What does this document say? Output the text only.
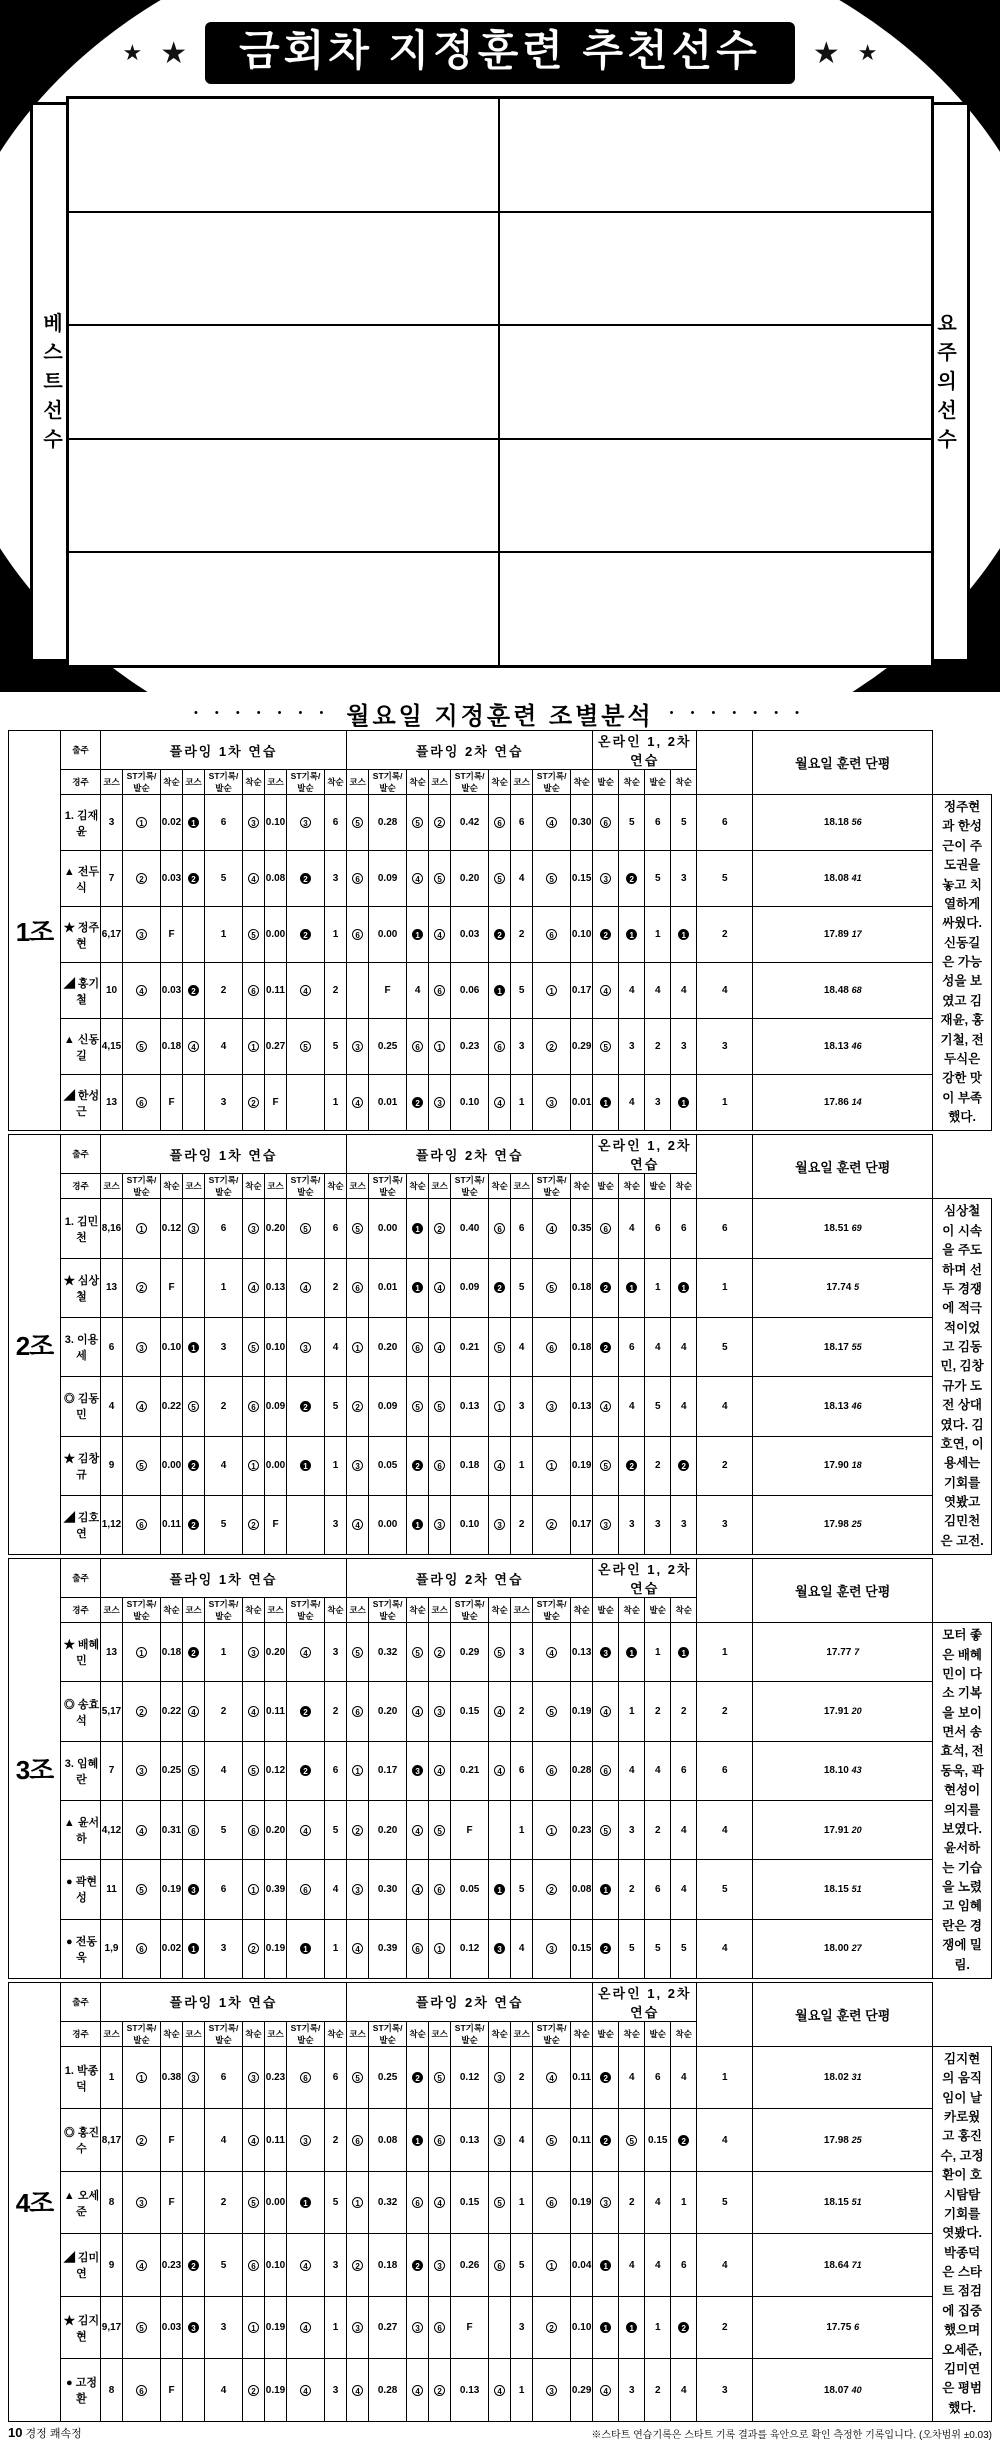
★ ★	금회차 지정훈련 추천선수	★ ★
베
스
트
선
수
요
주
의
선
수
• • • • • • • 월요일 지정훈련 조별분석	• • • • • • •
1조	출주	플라잉 1차 연습									플라잉 2차 연습									온라인 1, 2차 연습					월요일 훈련 단평	
	경주	코스	ST기록/발순	착순	코스	ST기록/발순	착순	코스	ST기록/발순	착순	코스	ST기록/발순	착순	코스	ST기록/발순	착순	코스	ST기록/발순	착순	발순	착순	발순	착순			
	1. 김재윤	3	1	0.02	1	6	3	0.10	3	6	5	0.28	5	2	0.42	6	6	4	0.30	6	5	6	5	6	18.18 56	정주현과 한성근이 주도권을 놓고 치열하게 싸웠다. 신동길은 가능성을 보였고 김재윤, 홍기철, 전두식은 강한 맛이 부족했다.
	▲ 전두식	7	2	0.03	2	5	4	0.08	2	3	6	0.09	4	5	0.20	5	4	5	0.15	3	2	5	3	5	18.08 41	
	★ 정주현	6,17	3	F		1	5	0.00	2	1	6	0.00	1	4	0.03	2	2	6	0.10	2	1	1	1	2	17.89 17	
	◢ 홍기철	10	4	0.03	2	2	6	0.11	4	2		F	4	6	0.06	1	5	1	0.17	4	4	4	4	4	18.48 68	
	▲ 신동길	4,15	5	0.18	4	4	1	0.27	5	5	3	0.25	6	1	0.23	6	3	2	0.29	5	3	2	3	3	18.13 46	
	◢ 한성근	13	6	F		3	2	F		1	4	0.01	2	3	0.10	4	1	3	0.01	1	4	3	1	1	17.86 14	
2조	출주	플라잉 1차 연습									플라잉 2차 연습									온라인 1, 2차 연습					월요일 훈련 단평	
	경주	코스	ST기록/발순	착순	코스	ST기록/발순	착순	코스	ST기록/발순	착순	코스	ST기록/발순	착순	코스	ST기록/발순	착순	코스	ST기록/발순	착순	발순	착순	발순	착순			
	1. 김민천	8,16	1	0.12	3	6	3	0.20	5	6	5	0.00	1	2	0.40	6	6	4	0.35	6	4	6	6	6	18.51 69	심상철이 시속을 주도하며 선두 경쟁에 적극적이었고 김동민, 김창규가 도전 상대였다. 김호연, 이용세는 기회를 엿봤고 김민천은 고전.
	★ 심상철	13	2	F		1	4	0.13	4	2	6	0.01	1	4	0.09	2	5	5	0.18	2	1	1	1	1	17.74 5	
	3. 이용세	6	3	0.10	1	3	5	0.10	3	4	1	0.20	6	4	0.21	5	4	6	0.18	2	6	4	4	5	18.17 55	
	◎ 김동민	4	4	0.22	5	2	6	0.09	2	5	2	0.09	5	5	0.13	1	3	3	0.13	4	4	5	4	4	18.13 46	
	★ 김창규	9	5	0.00	2	4	1	0.00	1	1	3	0.05	2	6	0.18	4	1	1	0.19	5	2	2	2	2	17.90 18	
	◢ 김호연	1,12	6	0.11	2	5	2	F		3	4	0.00	1	3	0.10	3	2	2	0.17	3	3	3	3	3	17.98 25	
3조	출주	플라잉 1차 연습									플라잉 2차 연습									온라인 1, 2차 연습					월요일 훈련 단평	
	경주	코스	ST기록/발순	착순	코스	ST기록/발순	착순	코스	ST기록/발순	착순	코스	ST기록/발순	착순	코스	ST기록/발순	착순	코스	ST기록/발순	착순	발순	착순	발순	착순			
	★ 배혜민	13	1	0.18	2	1	3	0.20	4	3	5	0.32	5	2	0.29	5	3	4	0.13	3	1	1	1	1	17.77 7	모터 좋은 배혜민이 다소 기복을 보이면서 송효석, 전동욱, 곽현성이 의지를 보였다. 윤서하는 기습을 노렸고 임혜란은 경쟁에 밀림.
	◎ 송효석	5,17	2	0.22	4	2	4	0.11	2	2	6	0.20	4	3	0.15	4	2	5	0.19	4	1	2	2	2	17.91 20	
	3. 임혜란	7	3	0.25	5	4	5	0.12	2	6	1	0.17	3	4	0.21	4	6	6	0.28	6	4	4	6	6	18.10 43	
	▲ 윤서하	4,12	4	0.31	6	5	6	0.20	4	5	2	0.20	4	5	F		1	1	0.23	5	3	2	4	4	17.91 20	
	● 곽현성	11	5	0.19	3	6	1	0.39	6	4	3	0.30	4	6	0.05	1	5	2	0.08	1	2	6	4	5	18.15 51	
	● 전동욱	1,9	6	0.02	1	3	2	0.19	1	1	4	0.39	6	1	0.12	3	4	3	0.15	2	5	5	5	4	18.00 27	
4조	출주	플라잉 1차 연습									플라잉 2차 연습									온라인 1, 2차 연습					월요일 훈련 단평	
	경주	코스	ST기록/발순	착순	코스	ST기록/발순	착순	코스	ST기록/발순	착순	코스	ST기록/발순	착순	코스	ST기록/발순	착순	코스	ST기록/발순	착순	발순	착순	발순	착순			
	1. 박종덕	1	1	0.38	3	6	3	0.23	6	6	5	0.25	2	5	0.12	3	2	4	0.11	2	4	6	4	1	18.02 31	김지현의 움직임이 날카로웠고 홍진수, 고정환이 호시탐탐 기회를 엿봤다. 박종덕은 스타트 점검에 집중했으며 오세준, 김미연은 평범했다.
	◎ 홍진수	8,17	2	F		4	4	0.11	3	2	6	0.08	1	6	0.13	3	4	5	0.11	2	5	0.15	2	4	17.98 25	
	▲ 오세준	8	3	F		2	5	0.00	1	5	1	0.32	6	4	0.15	5	1	6	0.19	3	2	4	1	5	18.15 51	
	◢ 김미연	9	4	0.23	2	5	6	0.10	4	3	2	0.18	2	3	0.26	6	5	1	0.04	1	4	4	6	4	18.64 71	
	★ 김지현	9,17	5	0.03	3	3	1	0.19	4	1	3	0.27	3	6	F		3	2	0.10	1	1	1	2	2	17.75 6	
	● 고정환	8	6	F		4	2	0.19	4	3	4	0.28	4	2	0.13	4	1	3	0.29	4	3	2	4	3	18.07 40	
10 경정 쾌속정	※스타트 연습기록은 스타트 기록 결과를 육안으로 확인 측정한 기록입니다. (오차범위 ±0.03)
